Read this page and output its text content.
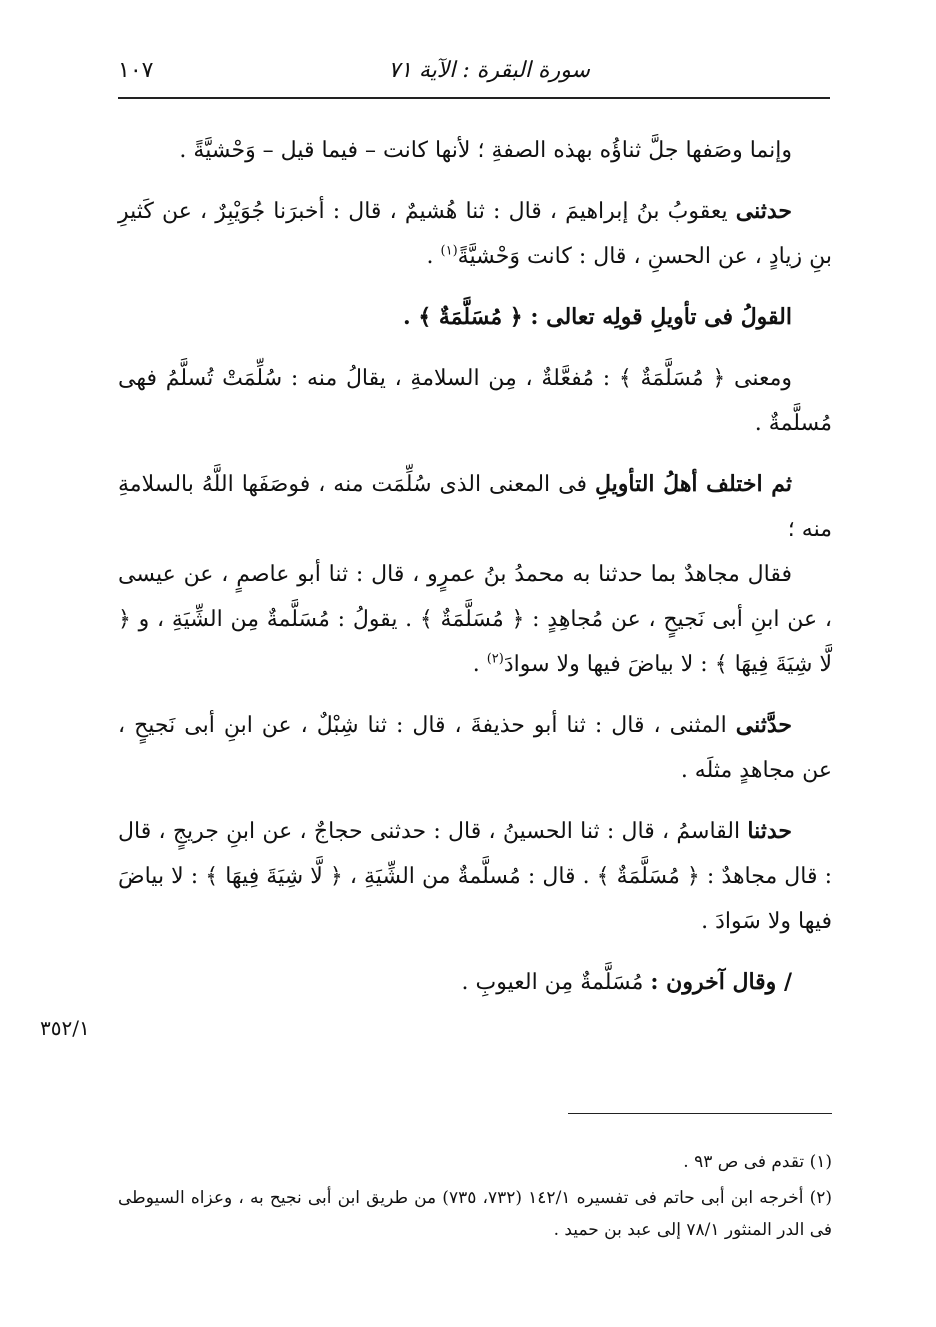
سورة البقرة : الآية ٧١
١٠٧

وإنما وصَفها جلَّ ثناؤُه بهذه الصفةِ ؛ لأنها كانت – فيما قيل – وَحْشيَّةً .

حدثنى يعقوبُ بنُ إبراهيمَ ، قال : ثنا هُشيمٌ ، قال : أخبرَنا جُوَيْبِرٌ ، عن كَثيرِ بنِ زيادٍ ، عن الحسنِ ، قال : كانت وَحْشيَّةً$^{(١)}$ .

القولُ فى تأويلِ قولِه تعالى : ﴿ مُسَلَّمَةٌ ﴾ .

ومعنى ﴿ مُسَلَّمَةٌ ﴾ : مُفعَّلةٌ ، مِن السلامةِ ، يقالُ منه : سُلِّمَتْ تُسلَّمُ فهى مُسلَّمةٌ .

ثم اختلف أهلُ التأويلِ فى المعنى الذى سُلِّمَت منه ، فوصَفَها اللَّهُ بالسلامةِ منه ؛

فقال مجاهدٌ بما حدثنا به محمدُ بنُ عمرٍو ، قال : ثنا أبو عاصمٍ ، عن عيسى ، عن ابنِ أبى نَجيحٍ ، عن مُجاهِدٍ : ﴿ مُسَلَّمَةٌ ﴾ . يقولُ : مُسَلَّمةٌ مِن الشِّيَةِ ، و ﴿ لَّا شِيَةَ فِيهَا ﴾ : لا بياضَ فيها ولا سوادَ$^{(٢)}$ .

حدَّثنى المثنى ، قال : ثنا أبو حذيفةَ ، قال : ثنا شِبْلٌ ، عن ابنِ أبى نَجيحٍ ، عن مجاهدٍ مثلَه .

حدثنا القاسمُ ، قال : ثنا الحسينُ ، قال : حدثنى حجاجٌ ، عن ابنِ جريجٍ ، قال : قال مجاهدٌ : ﴿ مُسَلَّمَةٌ ﴾ . قال : مُسلَّمةٌ من الشِّيَةِ ، ﴿ لَّا شِيَةَ فِيهَا ﴾ : لا بياضَ فيها ولا سَوادَ .

/ وقال آخرون : مُسَلَّمةٌ مِن العيوبِ .

٣٥٢/١

(١) تقدم فى ص ٩٣ .

(٢) أخرجه ابن أبى حاتم فى تفسيره ١٤٢/١ (٧٣٢، ٧٣٥) من طريق ابن أبى نجيح به ، وعزاه السيوطى فى الدر المنثور ٧٨/١ إلى عبد بن حميد .
